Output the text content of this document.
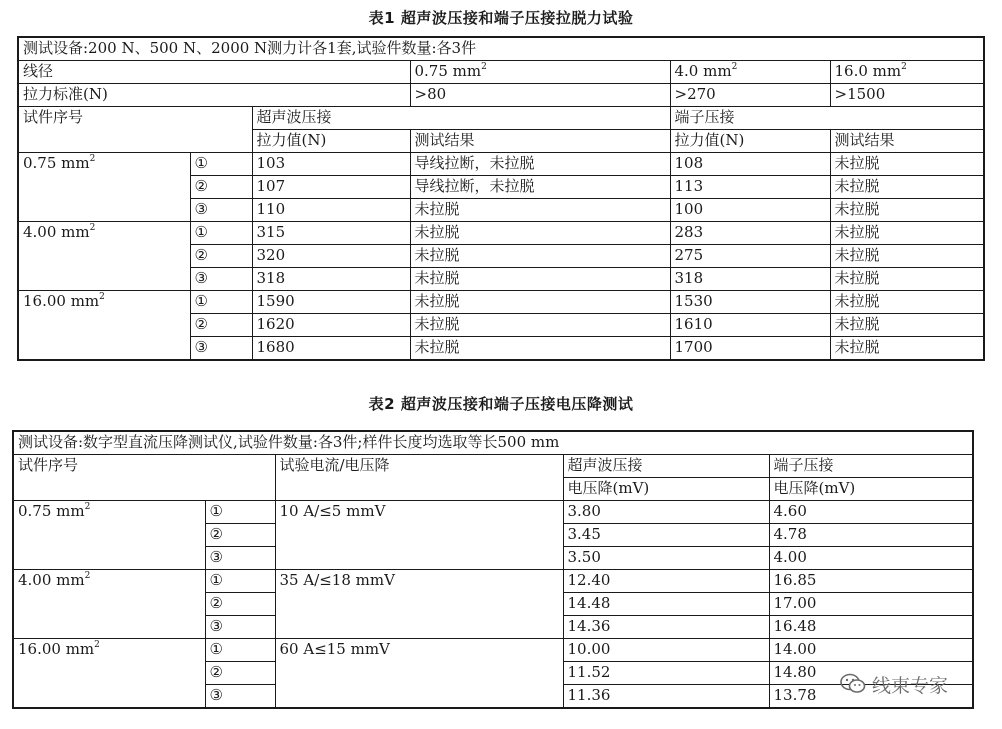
表1 超声波压接和端子压接拉脱力试验
测试设备:200 N、500 N、2000 N测力计各1套,试验件数量:各3件					
线径			0.75 $mm^2$	4.0 $mm^2$	16.0 $mm^2$
拉力标准(N)			>80	>270	>1500
试件序号		超声波压接		端子压接	
		拉力值(N)	测试结果	拉力值(N)	测试结果
0.75 $mm^2$	①	103	导线拉断，未拉脱	108	未拉脱
	②	107	导线拉断，未拉脱	113	未拉脱
	③	110	未拉脱	100	未拉脱
4.00 $mm^2$	①	315	未拉脱	283	未拉脱
	②	320	未拉脱	275	未拉脱
	③	318	未拉脱	318	未拉脱
16.00 $mm^2$	①	1590	未拉脱	1530	未拉脱
	②	1620	未拉脱	1610	未拉脱
	③	1680	未拉脱	1700	未拉脱
表2 超声波压接和端子压接电压降测试
测试设备:数字型直流压降测试仪,试验件数量:各3件;样件长度均选取等长500 mm				
试件序号		试验电流/电压降	超声波压接	端子压接
			电压降(mV)	电压降(mV)
0.75 $mm^2$	①	10 A/≤5 mmV	3.80	4.60
	②		3.45	4.78
	③		3.50	4.00
4.00 $mm^2$	①	35 A/≤18 mmV	12.40	16.85
	②		14.48	17.00
	③		14.36	16.48
16.00 $mm^2$	①	60 A≤15 mmV	10.00	14.00
	②		11.52	14.80
	③		11.36	13.78	线束专家
